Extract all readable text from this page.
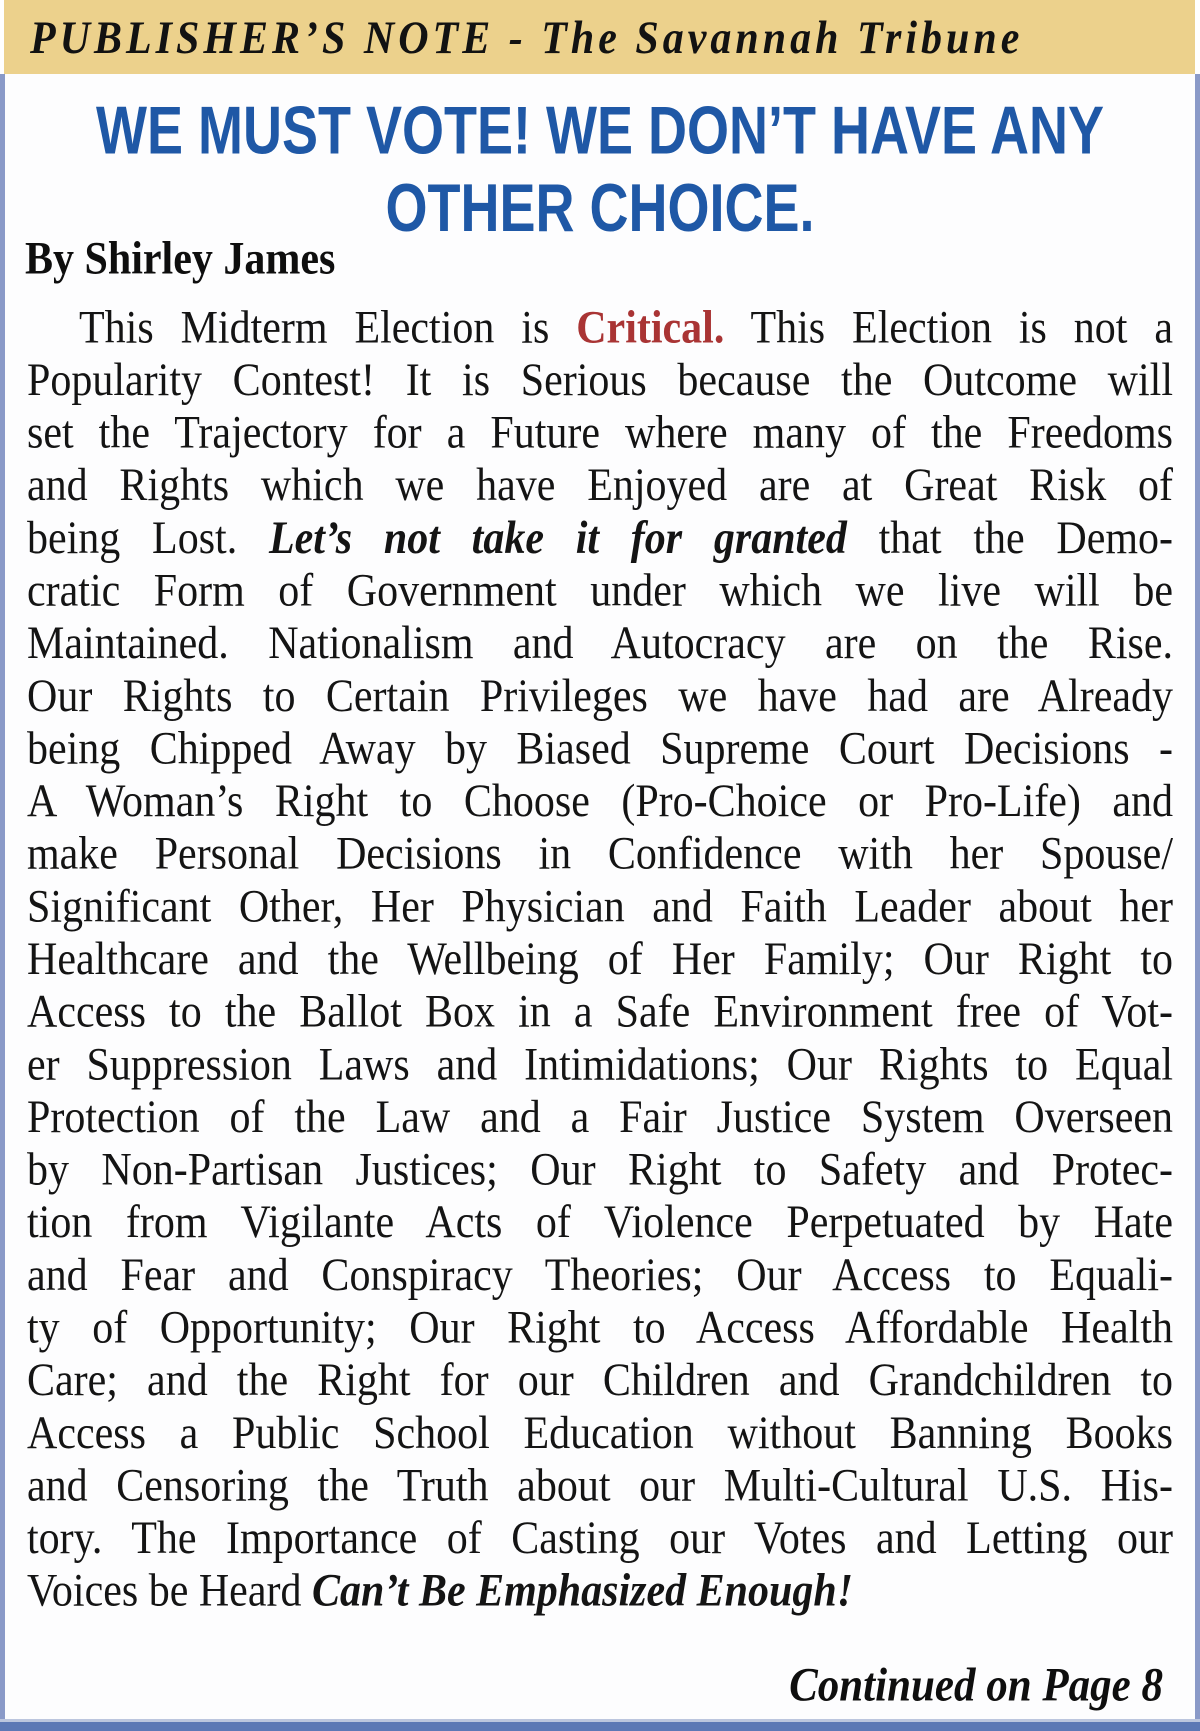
PUBLISHER’S NOTE - The Savannah Tribune
WE MUST VOTE! WE DON’T HAVE ANY
OTHER CHOICE.
By Shirley James
This Midterm Election is Critical. This Election is not a
Popularity Contest! It is Serious because the Outcome will
set the Trajectory for a Future where many of the Freedoms
and Rights which we have Enjoyed are at Great Risk of
being Lost. Let’s not take it for granted that the Demo-
cratic Form of Government under which we live will be
Maintained. Nationalism and Autocracy are on the Rise.
Our Rights to Certain Privileges we have had are Already
being Chipped Away by Biased Supreme Court Decisions -
A Woman’s Right to Choose (Pro-Choice or Pro-Life) and
make Personal Decisions in Confidence with her Spouse/
Significant Other, Her Physician and Faith Leader about her
Healthcare and the Wellbeing of Her Family; Our Right to
Access to the Ballot Box in a Safe Environment free of Vot-
er Suppression Laws and Intimidations; Our Rights to Equal
Protection of the Law and a Fair Justice System Overseen
by Non-Partisan Justices; Our Right to Safety and Protec-
tion from Vigilante Acts of Violence Perpetuated by Hate
and Fear and Conspiracy Theories; Our Access to Equali-
ty of Opportunity; Our Right to Access Affordable Health
Care; and the Right for our Children and Grandchildren to
Access a Public School Education without Banning Books
and Censoring the Truth about our Multi-Cultural U.S. His-
tory. The Importance of Casting our Votes and Letting our
Voices be Heard Can’t Be Emphasized Enough!
Continued on Page 8
